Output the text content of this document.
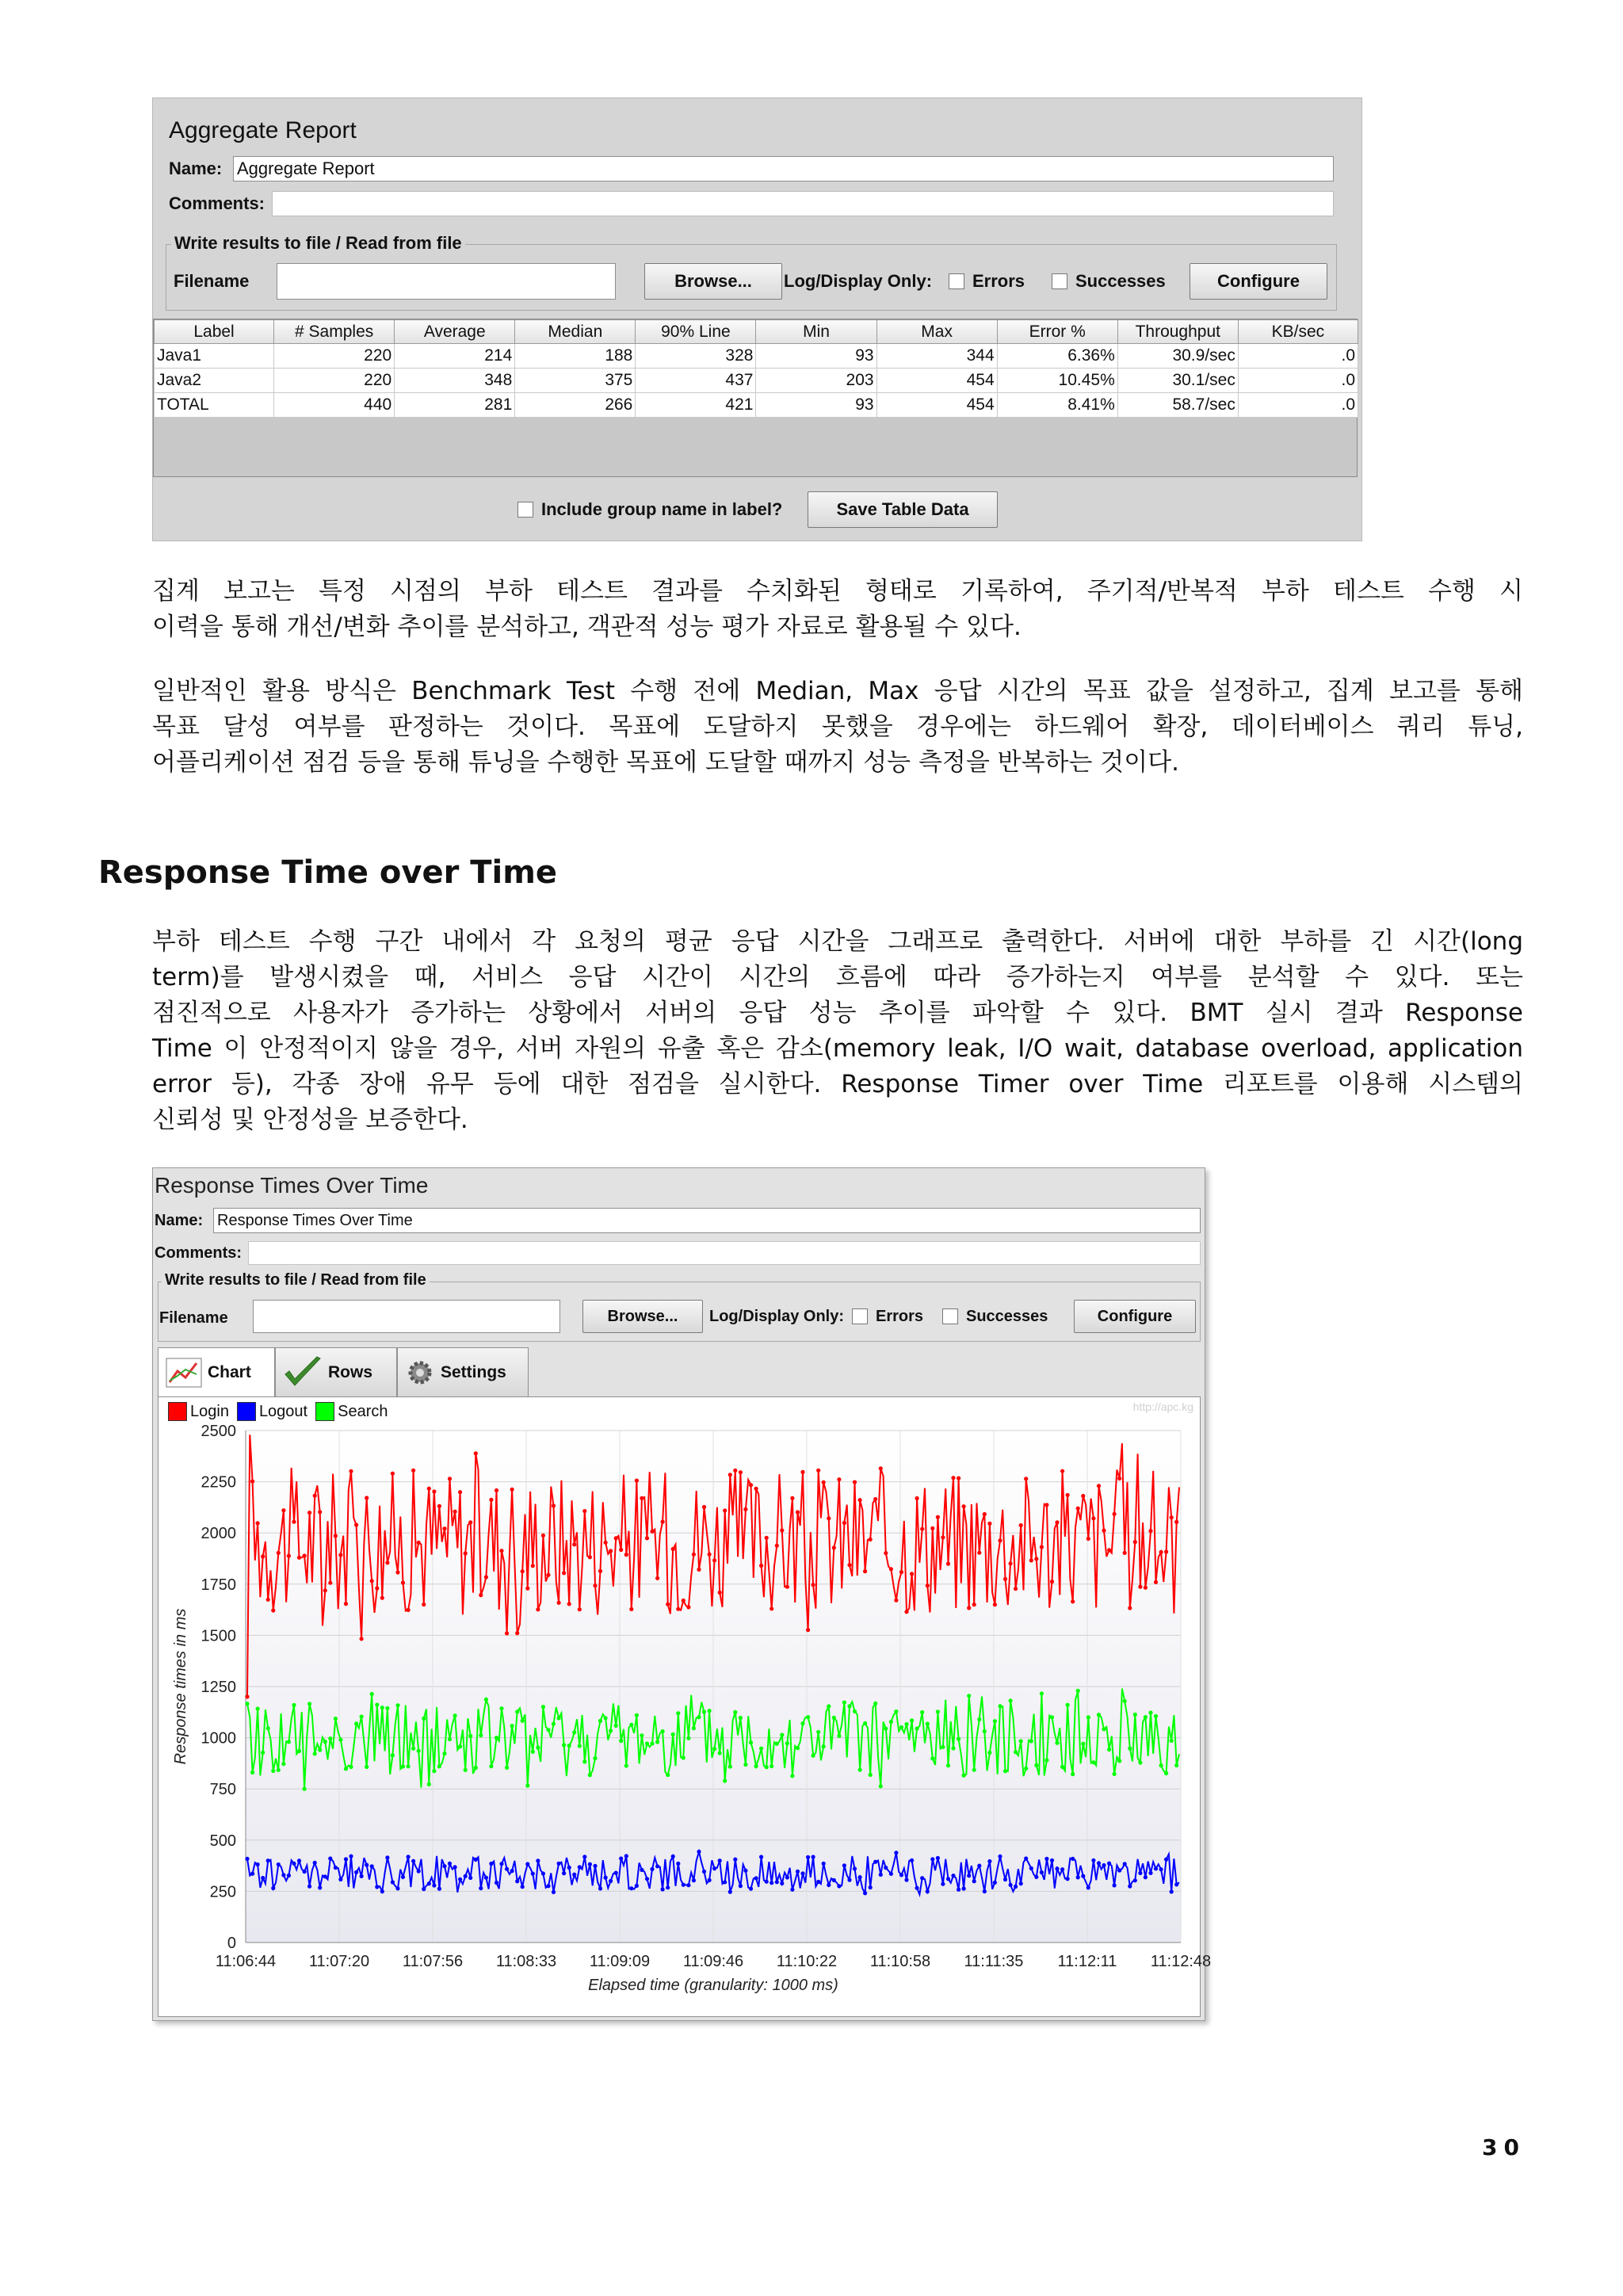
Aggregate Report
Name: Aggregate Report
Comments:
Write results to file / Read from file
Filename	Browse...	Log/Display Only: Errors	Successes	Configure
Label	# Samples	Average	Median	90% Line	Min	Max	Error %	Throughput	KB/sec
Java1	220	214	188	328	93	344	6.36%	30.9/sec	.0
Java2	220	348	375	437	203	454	10.45%	30.1/sec	.0
TOTAL	440	281	266	421	93	454	8.41%	58.7/sec	.0
Include group name in label?	Save Table Data
집계 보고는 특정 시점의 부하 테스트 결과를 수치화된 형태로 기록하여, 주기적/반복적 부하 테스트 수행 시
이력을 통해 개선/변화 추이를 분석하고, 객관적 성능 평가 자료로 활용될 수 있다.
일반적인 활용 방식은 Benchmark Test 수행 전에 Median, Max 응답 시간의 목표 값을 설정하고, 집계 보고를 통해
목표 달성 여부를 판정하는 것이다. 목표에 도달하지 못했을 경우에는 하드웨어 확장, 데이터베이스 쿼리 튜닝,
어플리케이션 점검 등을 통해 튜닝을 수행한 목표에 도달할 때까지 성능 측정을 반복하는 것이다.
Response Time over Time
부하 테스트 수행 구간 내에서 각 요청의 평균 응답 시간을 그래프로 출력한다. 서버에 대한 부하를 긴 시간(long
term)를 발생시켰을 때, 서비스 응답 시간이 시간의 흐름에 따라 증가하는지 여부를 분석할 수 있다. 또는
점진적으로 사용자가 증가하는 상황에서 서버의 응답 성능 추이를 파악할 수 있다. BMT 실시 결과 Response
Time 이 안정적이지 않을 경우, 서버 자원의 유출 혹은 감소(memory leak, I/O wait, database overload, application
error 등), 각종 장애 유무 등에 대한 점검을 실시한다. Response Timer over Time 리포트를 이용해 시스템의
신뢰성 및 안정성을 보증한다.
Response Times Over Time
Name: Response Times Over Time
Comments:
Write results to file / Read from file
Filename	Browse...	Log/Display Only: Errors	Successes	Configure
Chart	Rows	Settings
Login Logout Search	http://apc.kg
0
250
500
750
1000
1250
1500
1750
2000
2250
2500
11:06:44 11:07:20 11:07:56 11:08:33 11:09:09 11:09:46 11:10:22 11:10:58 11:11:35 11:12:11 11:12:48
Response times in ms
Elapsed time (granularity: 1000 ms)
30
